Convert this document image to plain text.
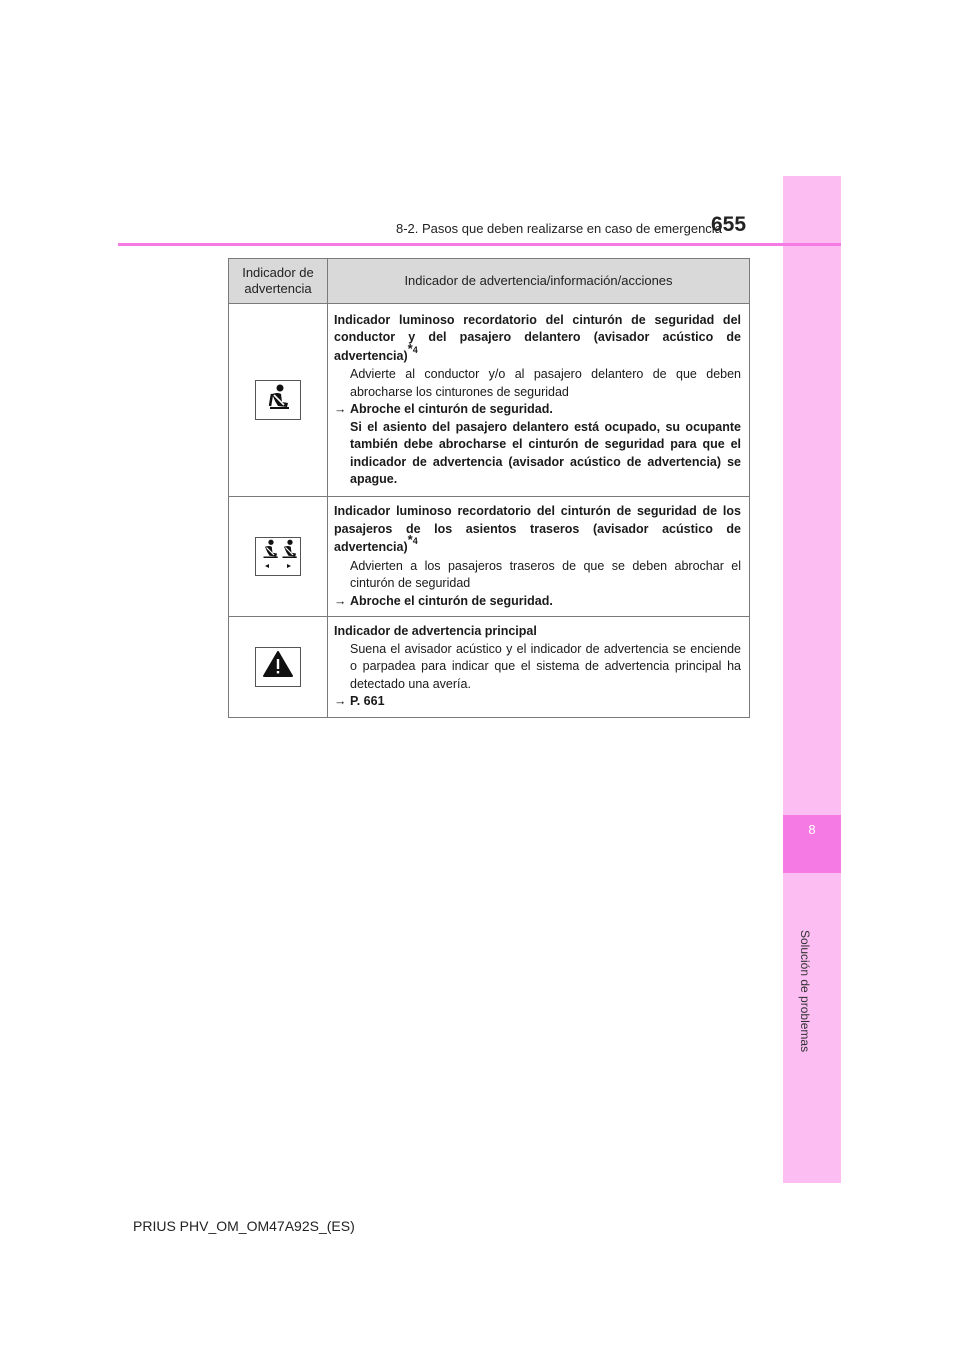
8
Solución de problemas
8-2. Pasos que deben realizarse en caso de emergencia
655
Indicador de advertencia	Indicador de advertencia/información/acciones

Indicador luminoso recordatorio del cinturón de seguridad del conductor y del pasajero delantero (avisador acústico de advertencia)*4
Advierte al conductor y/o al pasajero delantero de que deben abrocharse los cinturones de seguridad
→ Abroche el cinturón de seguridad.
Si el asiento del pasajero delantero está ocupado, su ocupante también debe abrocharse el cinturón de seguridad para que el indicador de advertencia (avisador acústico de advertencia) se apague.

Indicador luminoso recordatorio del cinturón de seguridad de los pasajeros de los asientos traseros (avisador acústico de advertencia)*4
Advierten a los pasajeros traseros de que se deben abrochar el cinturón de seguridad
→ Abroche el cinturón de seguridad.

Indicador de advertencia principal
Suena el avisador acústico y el indicador de advertencia se enciende o parpadea para indicar que el sistema de advertencia principal ha detectado una avería.
→ P. 661
PRIUS PHV_OM_OM47A92S_(ES)
